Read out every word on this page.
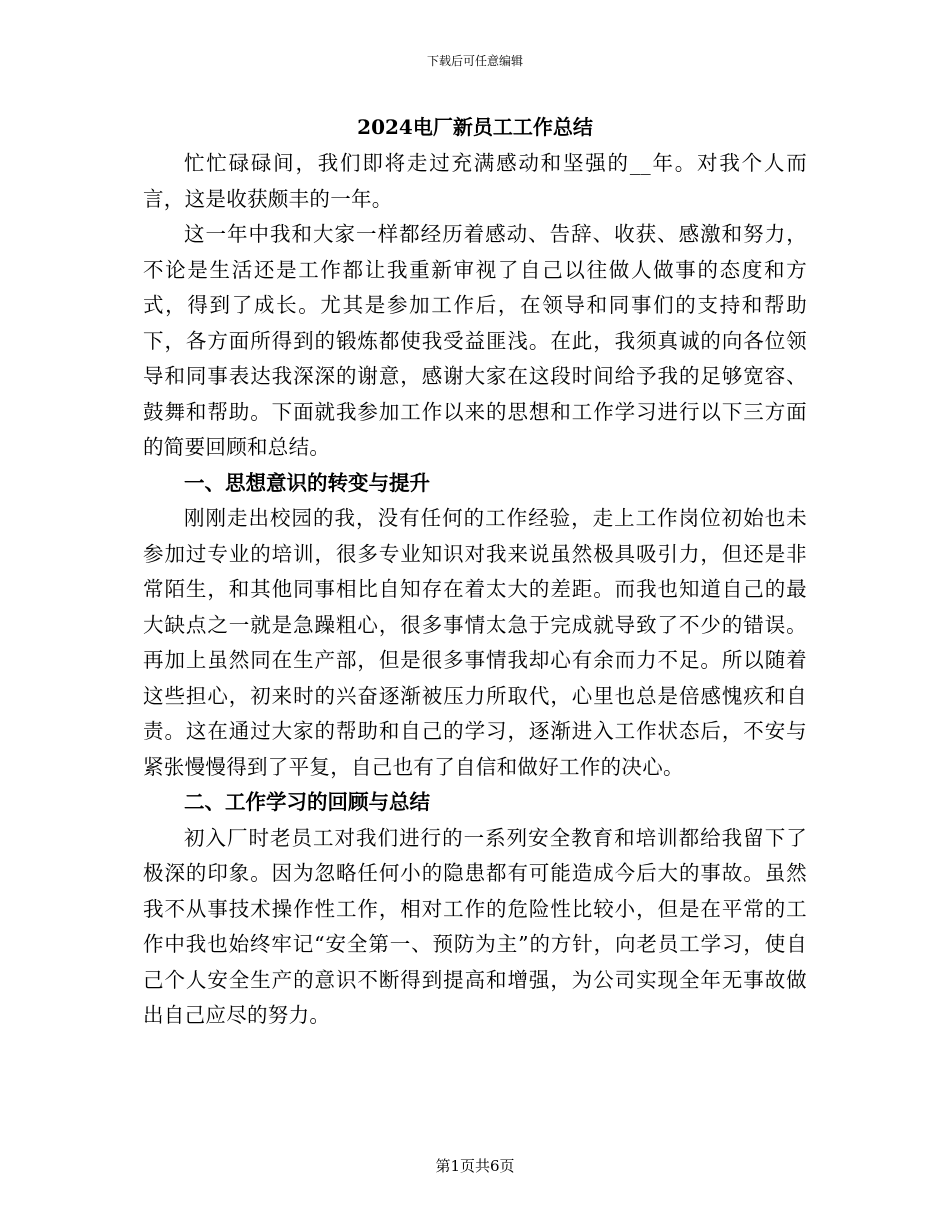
下载后可任意编辑
2024电厂新员工工作总结

忙忙碌碌间，我们即将走过充满感动和坚强的__年。对我个人而言，这是收获颇丰的一年。

这一年中我和大家一样都经历着感动、告辞、收获、感激和努力，不论是生活还是工作都让我重新审视了自己以往做人做事的态度和方式，得到了成长。尤其是参加工作后，在领导和同事们的支持和帮助下，各方面所得到的锻炼都使我受益匪浅。在此，我须真诚的向各位领导和同事表达我深深的谢意，感谢大家在这段时间给予我的足够宽容、鼓舞和帮助。下面就我参加工作以来的思想和工作学习进行以下三方面的简要回顾和总结。

一、思想意识的转变与提升

刚刚走出校园的我，没有任何的工作经验，走上工作岗位初始也未参加过专业的培训，很多专业知识对我来说虽然极具吸引力，但还是非常陌生，和其他同事相比自知存在着太大的差距。而我也知道自己的最大缺点之一就是急躁粗心，很多事情太急于完成就导致了不少的错误。再加上虽然同在生产部，但是很多事情我却心有余而力不足。所以随着这些担心，初来时的兴奋逐渐被压力所取代，心里也总是倍感愧疚和自责。这在通过大家的帮助和自己的学习，逐渐进入工作状态后，不安与紧张慢慢得到了平复，自己也有了自信和做好工作的决心。

二、工作学习的回顾与总结

初入厂时老员工对我们进行的一系列安全教育和培训都给我留下了极深的印象。因为忽略任何小的隐患都有可能造成今后大的事故。虽然我不从事技术操作性工作，相对工作的危险性比较小，但是在平常的工作中我也始终牢记“安全第一、预防为主”的方针，向老员工学习，使自己个人安全生产的意识不断得到提高和增强，为公司实现全年无事故做出自己应尽的努力。

第1页共6页
